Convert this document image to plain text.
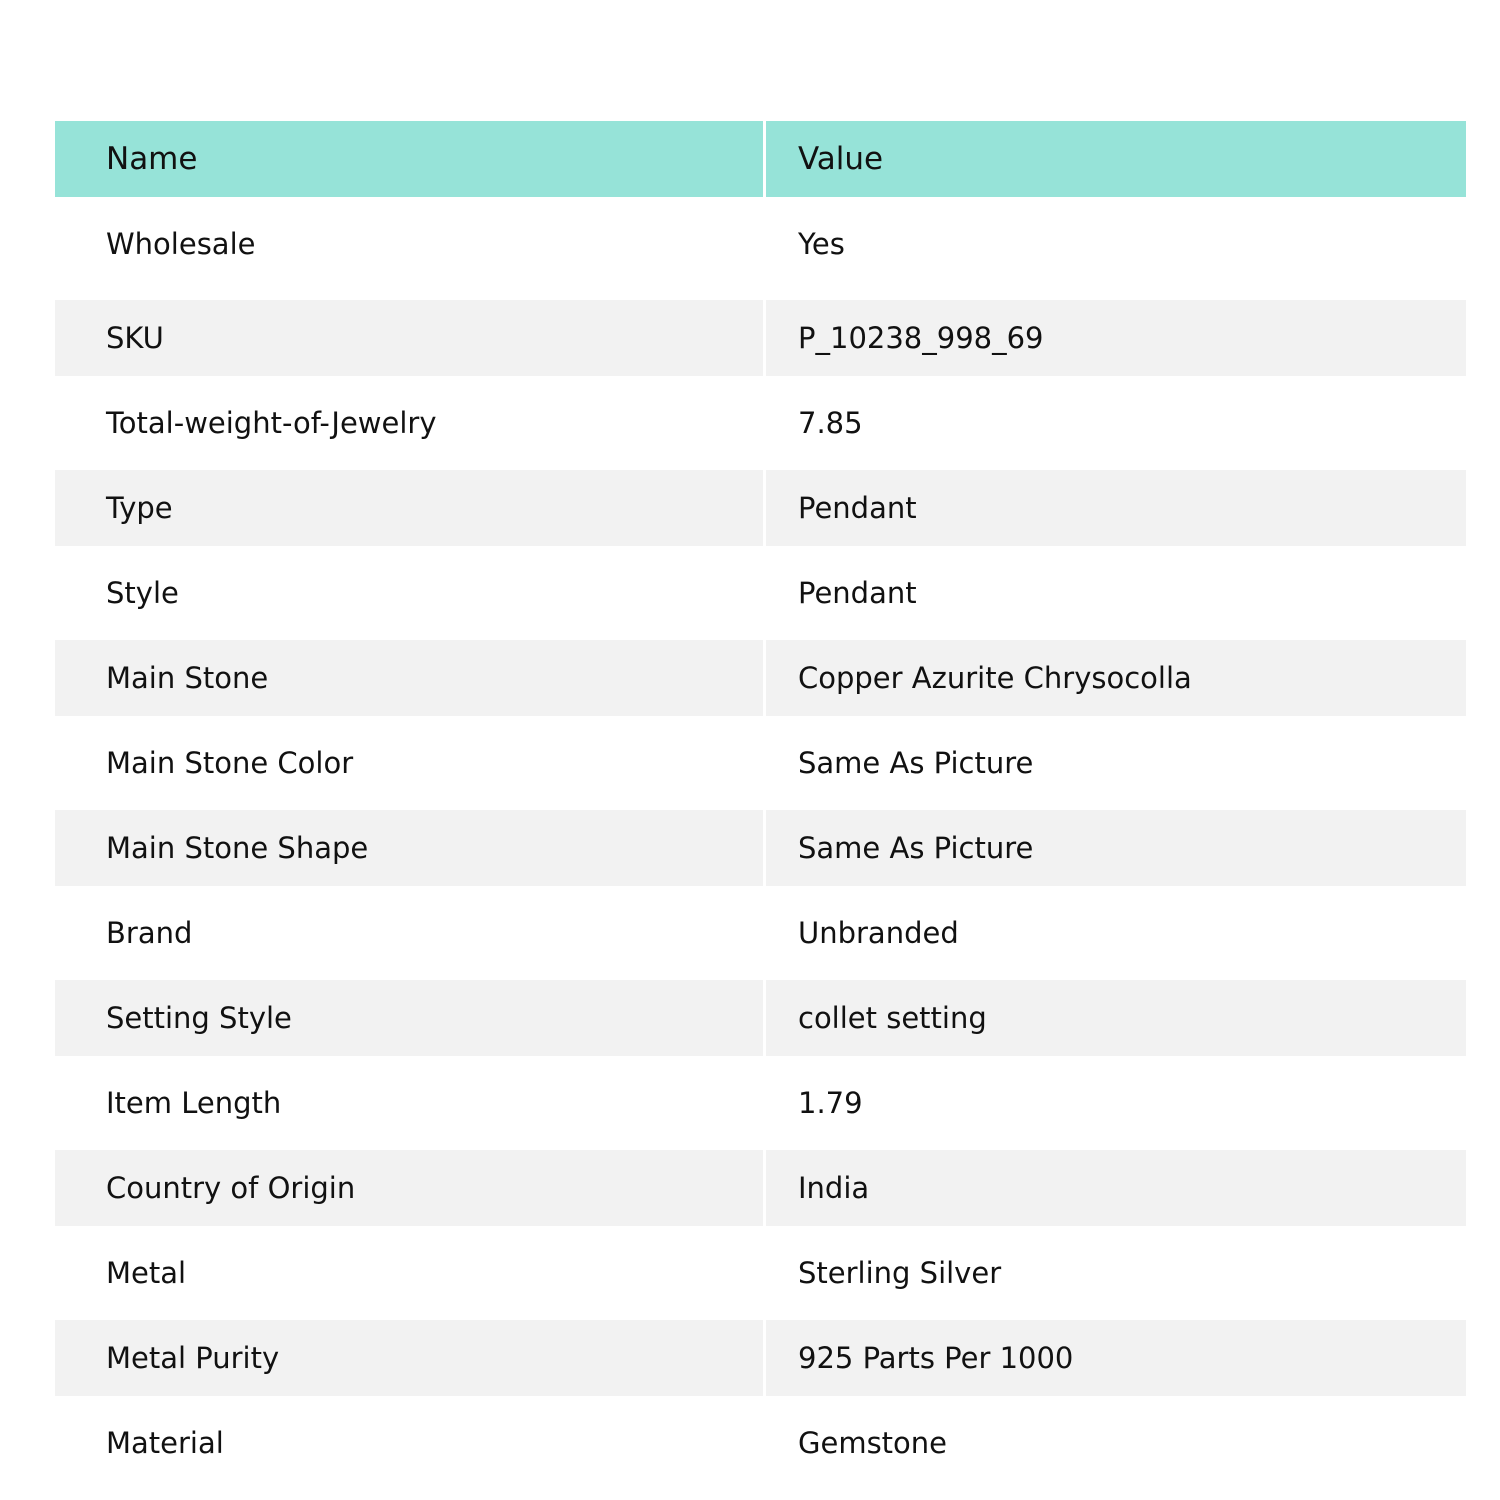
Name	Value
Wholesale	Yes
SKU	P_10238_998_69
Total-weight-of-Jewelry	7.85
Type	Pendant
Style	Pendant
Main Stone	Copper Azurite Chrysocolla
Main Stone Color	Same As Picture
Main Stone Shape	Same As Picture
Brand	Unbranded
Setting Style	collet setting
Item Length	1.79
Country of Origin	India
Metal	Sterling Silver
Metal Purity	925 Parts Per 1000
Material	Gemstone
